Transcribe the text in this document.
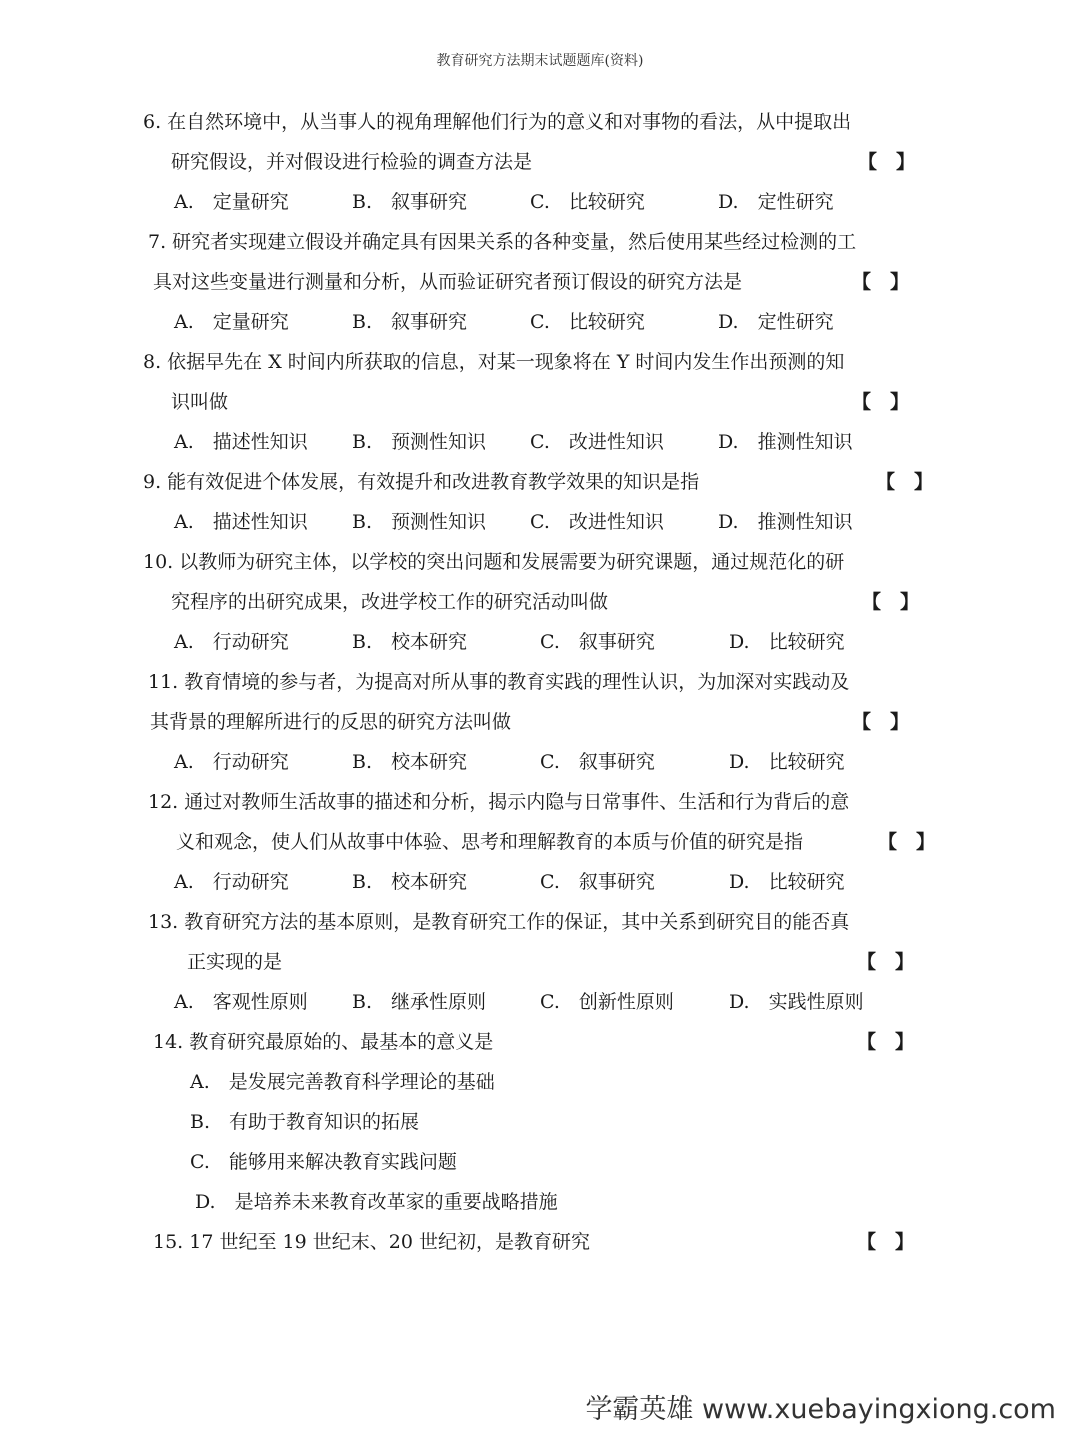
教育研究方法期末试题题库(资料)
6. 在自然环境中，从当事人的视角理解他们行为的意义和对事物的看法，从中提取出
研究假设，并对假设进行检验的调查方法是	【　】
A.　定量研究	B.　叙事研究	C.　比较研究	D.　定性研究
7. 研究者实现建立假设并确定具有因果关系的各种变量，然后使用某些经过检测的工
具对这些变量进行测量和分析，从而验证研究者预订假设的研究方法是	【　】
A.　定量研究	B.　叙事研究	C.　比较研究	D.　定性研究
8. 依据早先在 X 时间内所获取的信息，对某一现象将在 Y 时间内发生作出预测的知
识叫做	【　】
A.　描述性知识 B.　预测性知识 C.　改进性知识	D.　推测性知识
9. 能有效促进个体发展，有效提升和改进教育教学效果的知识是指	【　】
A.　描述性知识 B.　预测性知识 C.　改进性知识	D.　推测性知识
10. 以教师为研究主体，以学校的突出问题和发展需要为研究课题，通过规范化的研
究程序的出研究成果，改进学校工作的研究活动叫做	【　】
A.　行动研究	B.　校本研究	C.　叙事研究	D.　比较研究
11. 教育情境的参与者，为提高对所从事的教育实践的理性认识，为加深对实践动及
其背景的理解所进行的反思的研究方法叫做	【　】
A.　行动研究	B.　校本研究	C.　叙事研究	D.　比较研究
12. 通过对教师生活故事的描述和分析，揭示内隐与日常事件、生活和行为背后的意
义和观念，使人们从故事中体验、思考和理解教育的本质与价值的研究是指	【　】
A.　行动研究	B.　校本研究	C.　叙事研究	D.　比较研究
13. 教育研究方法的基本原则，是教育研究工作的保证，其中关系到研究目的能否真
正实现的是	【　】
A.　客观性原则 B.　继承性原则	C.　创新性原则	D.　实践性原则
14. 教育研究最原始的、最基本的意义是	【　】
A.　是发展完善教育科学理论的基础
B.　有助于教育知识的拓展
C.　能够用来解决教育实践问题
D.　是培养未来教育改革家的重要战略措施
15. 17 世纪至 19 世纪末、20 世纪初，是教育研究	【　】
学霸英雄 www.xuebayingxiong.com
